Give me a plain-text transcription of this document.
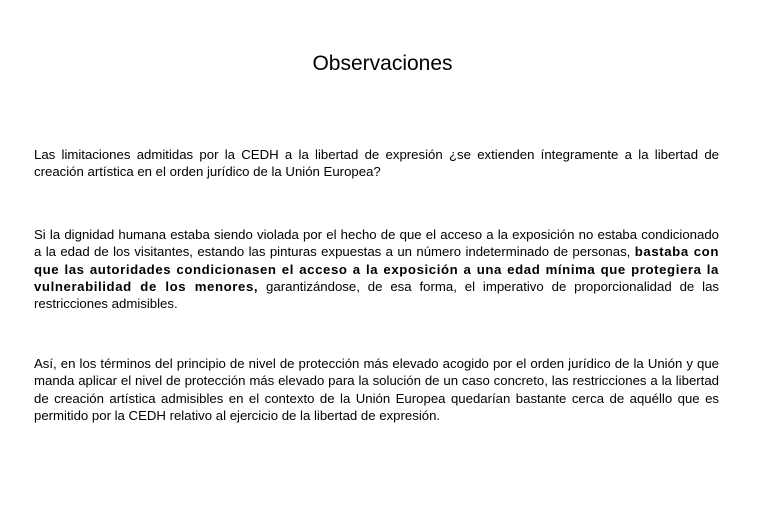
Observaciones

Las limitaciones admitidas por la CEDH a la libertad de expresión ¿se extienden íntegramente a la libertad de creación artística en el orden jurídico de la Unión Europea?

Si la dignidad humana estaba siendo violada por el hecho de que el acceso a la exposición no estaba condicionado a la edad de los visitantes, estando las pinturas expuestas a un número indeterminado de personas, bastaba con que las autoridades condicionasen el acceso a la exposición a una edad mínima que protegiera la vulnerabilidad de los menores, garantizándose, de esa forma, el imperativo de proporcionalidad de las restricciones admisibles.

Así, en los términos del principio de nivel de protección más elevado acogido por el orden jurídico de la Unión y que manda aplicar el nivel de protección más elevado para la solución de un caso concreto, las restricciones a la libertad de creación artística admisibles en el contexto de la Unión Europea quedarían bastante cerca de aquéllo que es permitido por la CEDH relativo al ejercicio de la libertad de expresión.
